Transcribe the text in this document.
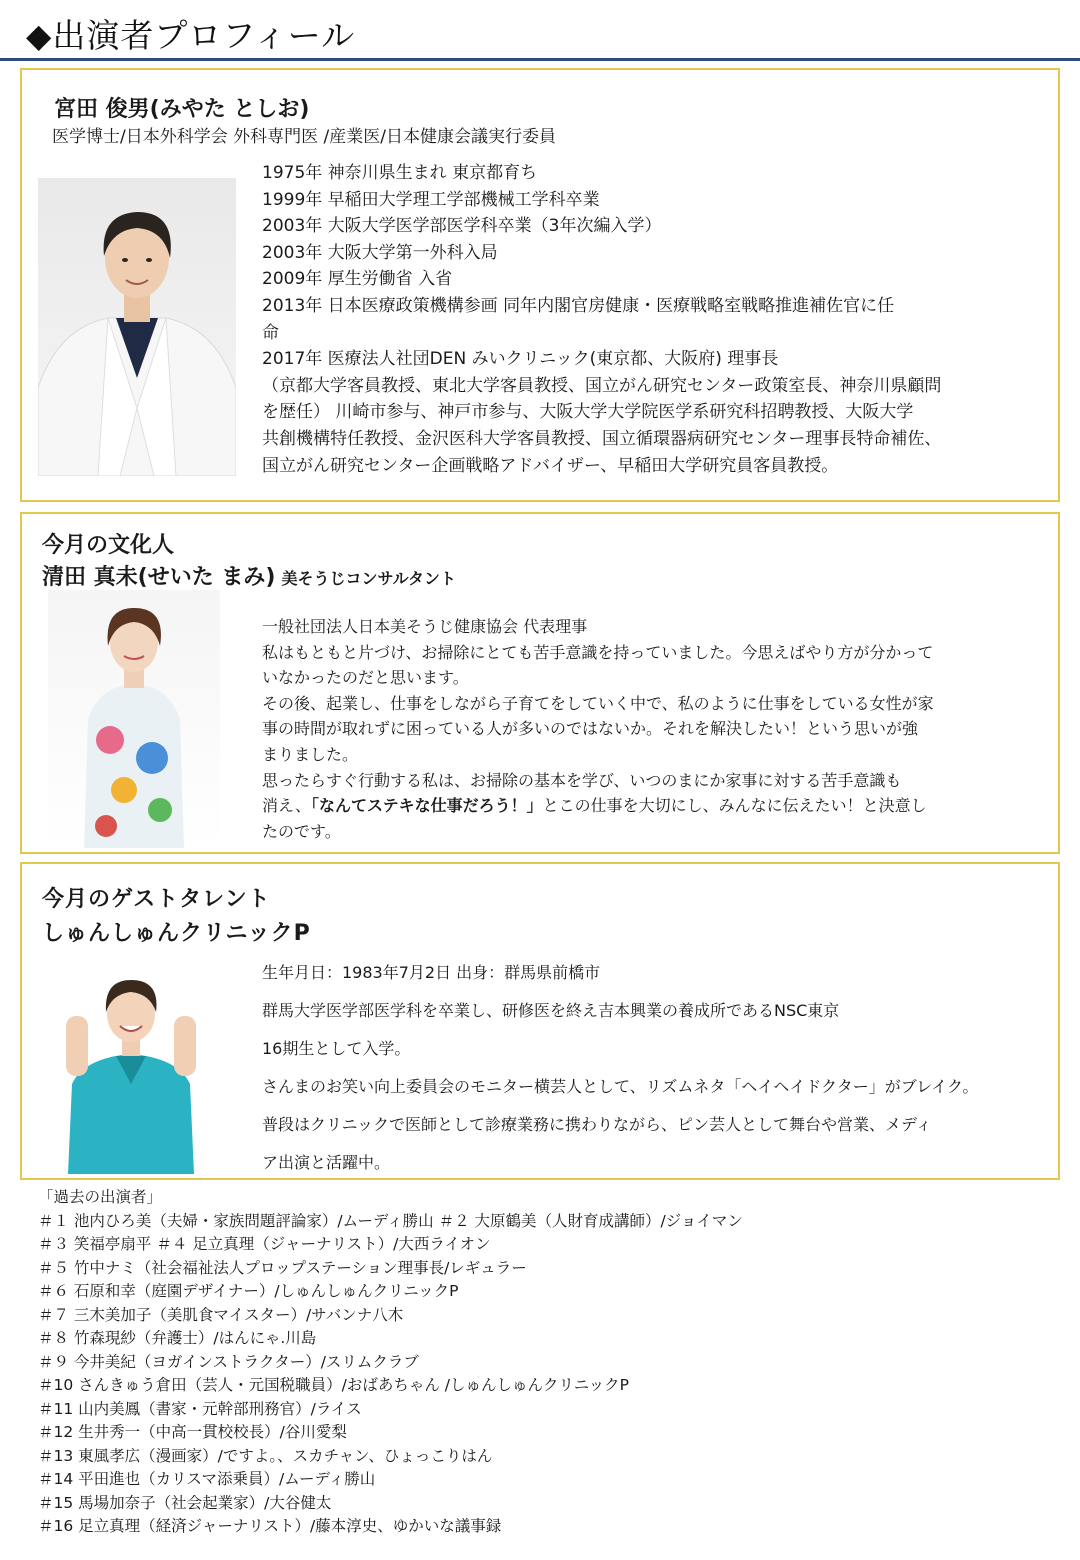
◆出演者プロフィール
宮田 俊男(みやた としお)
医学博士/日本外科学会 外科専門医 /産業医/日本健康会議実行委員
1975年 神奈川県生まれ 東京都育ち
1999年 早稲田大学理工学部機械工学科卒業
2003年 大阪大学医学部医学科卒業（3年次編入学）
2003年 大阪大学第一外科入局
2009年 厚生労働省 入省
2013年 日本医療政策機構参画 同年内閣官房健康・医療戦略室戦略推進補佐官に任
命
2017年 医療法人社団DEN みいクリニック(東京都、大阪府) 理事長
（京都大学客員教授、東北大学客員教授、国立がん研究センター政策室長、神奈川県顧問
を歴任） 川崎市参与、神戸市参与、大阪大学大学院医学系研究科招聘教授、大阪大学
共創機構特任教授、金沢医科大学客員教授、国立循環器病研究センター理事長特命補佐、
国立がん研究センター企画戦略アドバイザー、早稲田大学研究員客員教授。
今月の文化人
清田 真未(せいた まみ) 美そうじコンサルタント
一般社団法人日本美そうじ健康協会 代表理事
私はもともと片づけ、お掃除にとても苦手意識を持っていました。今思えばやり方が分かって
いなかったのだと思います。
その後、起業し、仕事をしながら子育てをしていく中で、私のように仕事をしている女性が家
事の時間が取れずに困っている人が多いのではないか。それを解決したい！という思いが強
まりました。
思ったらすぐ行動する私は、お掃除の基本を学び、いつのまにか家事に対する苦手意識も
消え、「なんてステキな仕事だろう！」とこの仕事を大切にし、みんなに伝えたい！と決意し
たのです。
今月のゲストタレント
しゅんしゅんクリニックP
生年月日：1983年7月2日 出身：群馬県前橋市
群馬大学医学部医学科を卒業し、研修医を終え吉本興業の養成所であるNSC東京
16期生として入学。
さんまのお笑い向上委員会のモニター横芸人として、リズムネタ「ヘイヘイドクター」がブレイク。
普段はクリニックで医師として診療業務に携わりながら、ピン芸人として舞台や営業、メディ
ア出演と活躍中。
「過去の出演者」
＃１ 池内ひろ美（夫婦・家族問題評論家）/ムーディ勝山 ＃２ 大原鶴美（人財育成講師）/ジョイマン
＃３ 笑福亭扇平 ＃４ 足立真理（ジャーナリスト）/大西ライオン
＃５ 竹中ナミ（社会福祉法人プロップステーション理事長/レギュラー
＃６ 石原和幸（庭園デザイナー）/しゅんしゅんクリニックP
＃７ 三木美加子（美肌食マイスター）/サバンナ八木
＃８ 竹森現紗（弁護士）/はんにゃ.川島
＃９ 今井美紀（ヨガインストラクター）/スリムクラブ
＃10 さんきゅう倉田（芸人・元国税職員）/おばあちゃん /しゅんしゅんクリニックP
＃11 山内美鳳（書家・元幹部刑務官）/ライス
＃12 生井秀一（中高一貫校校長）/谷川愛梨
＃13 東風孝広（漫画家）/ですよ。、スカチャン、ひょっこりはん
＃14 平田進也（カリスマ添乗員）/ムーディ勝山
＃15 馬場加奈子（社会起業家）/大谷健太
＃16 足立真理（経済ジャーナリスト）/藤本淳史、ゆかいな議事録
